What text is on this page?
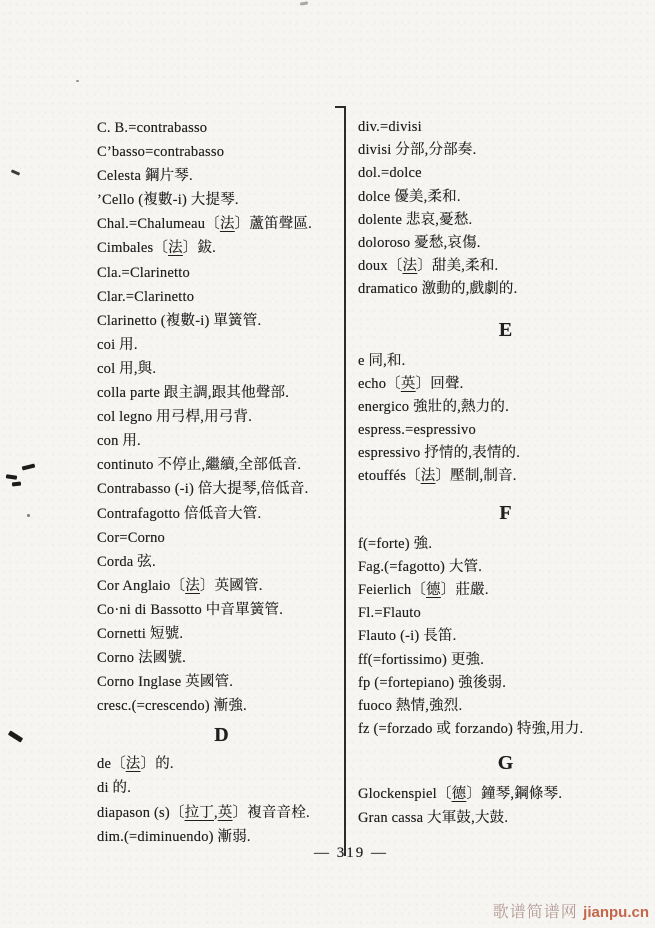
C. B.=contrabasso
C’basso=contrabasso
Celesta 鋼片琴.
’Cello (複數-i) 大提琴.
Chal.=Chalumeau〔法〕蘆笛聲區.
Cimbales〔法〕鈸.
Cla.=Clarinetto
Clar.=Clarinetto
Clarinetto (複數-i) 單簧管.
coi 用.
col 用,與.
colla parte 跟主調,跟其他聲部.
col legno 用弓桿,用弓背.
con 用.
continuto 不停止,繼續,全部低音.
Contrabasso (-i) 倍大提琴,倍低音.
Contrafagotto 倍低音大管.
Cor=Corno
Corda 弦.
Cor Anglaio〔法〕英國管.
Co·ni di Bassotto 中音單簧管.
Cornetti 短號.
Corno 法國號.
Corno Inglase 英國管.
cresc.(=crescendo) 漸強.
D
de〔法〕的.
di 的.
diapason (s)〔拉丁,英〕複音音栓.
dim.(=diminuendo) 漸弱.
div.=divisi
divisi 分部,分部奏.
dol.=dolce
dolce 優美,柔和.
dolente 悲哀,憂愁.
doloroso 憂愁,哀傷.
doux〔法〕甜美,柔和.
dramatico 激動的,戲劇的.
E
e 同,和.
echo〔英〕回聲.
energico 強壯的,熱力的.
espress.=espressivo
espressivo 抒情的,表情的.
etouffés〔法〕壓制,制音.
F
f(=forte) 強.
Fag.(=fagotto) 大管.
Feierlich〔德〕莊嚴.
Fl.=Flauto
Flauto (-i) 長笛.
ff(=fortissimo) 更強.
fp (=fortepiano) 強後弱.
fuoco 熱情,強烈.
fz (=forzado 或 forzando) 特強,用力.
G
Glockenspiel〔德〕鐘琴,鋼條琴.
Gran cassa 大軍鼓,大鼓.
— 319 —
歌谱简谱网 jianpu.cn
